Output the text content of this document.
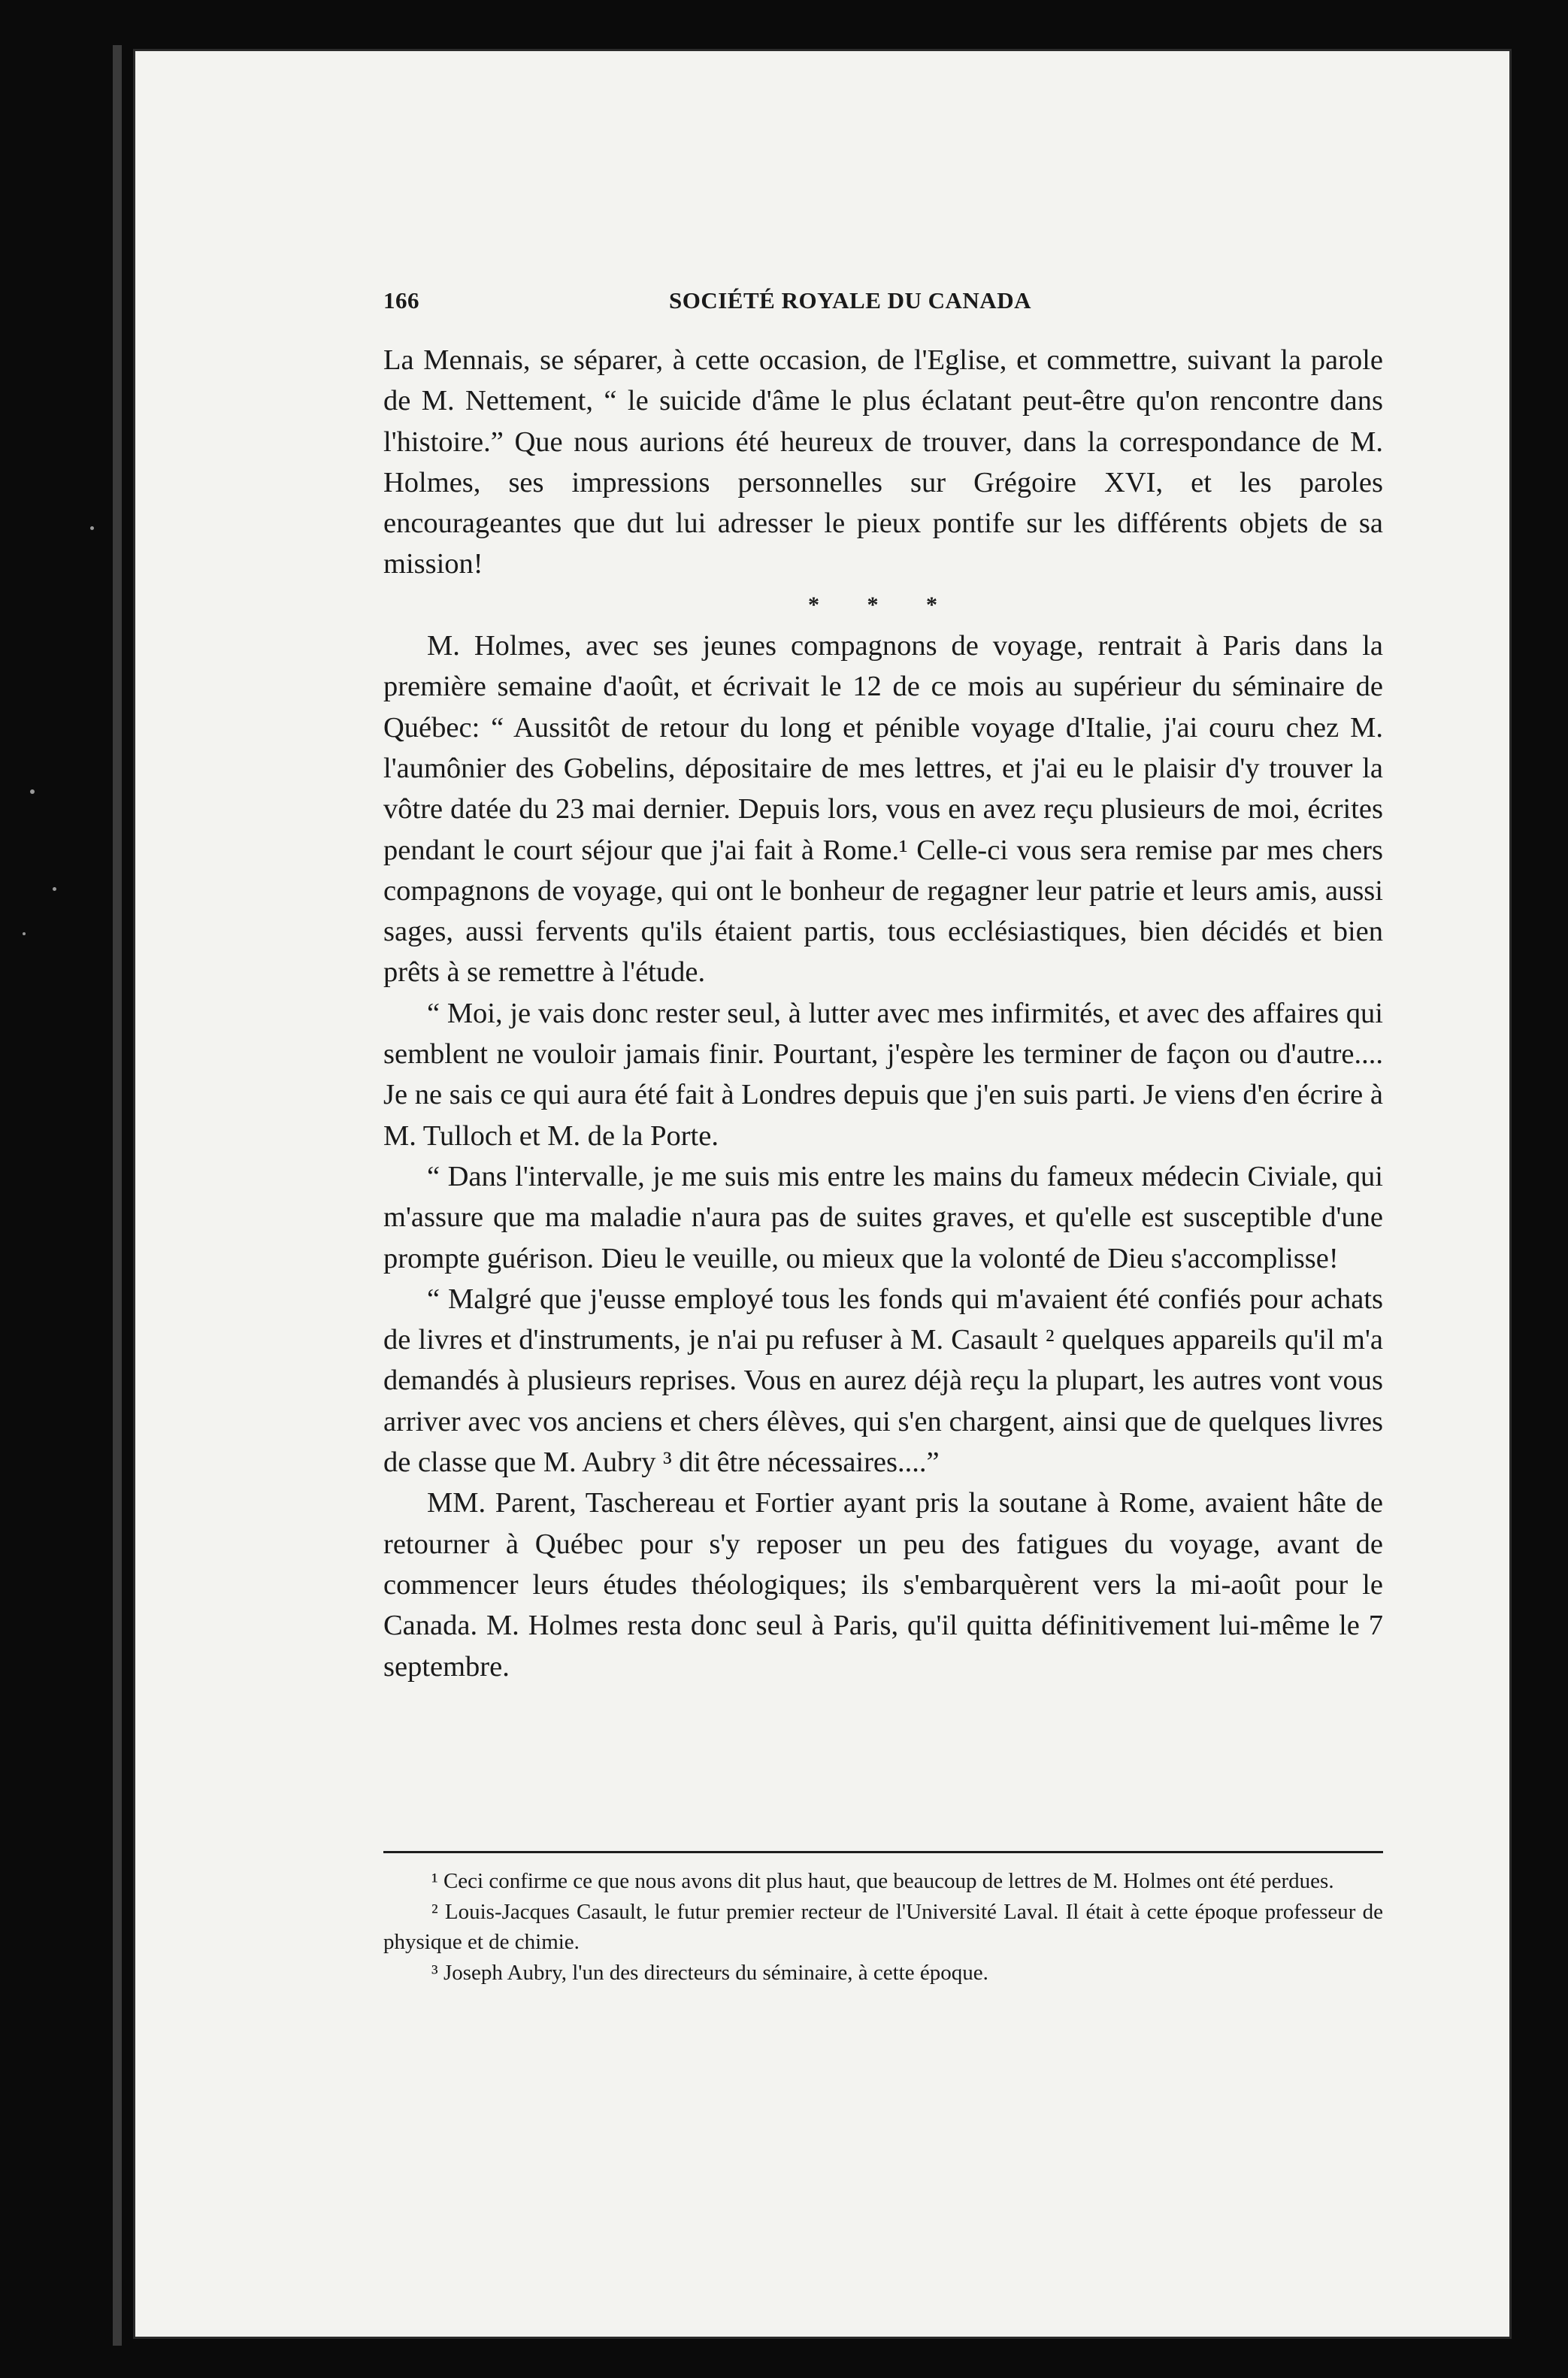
166	SOCIÉTÉ ROYALE DU CANADA

La Mennais, se séparer, à cette occasion, de l'Eglise, et commettre, suivant la parole de M. Nettement, “ le suicide d'âme le plus éclatant peut-être qu'on rencontre dans l'histoire.” Que nous aurions été heureux de trouver, dans la correspondance de M. Holmes, ses impressions personnelles sur Grégoire XVI, et les paroles encourageantes que dut lui adresser le pieux pontife sur les différents objets de sa mission!

* * *

M. Holmes, avec ses jeunes compagnons de voyage, rentrait à Paris dans la première semaine d'août, et écrivait le 12 de ce mois au supérieur du séminaire de Québec: “ Aussitôt de retour du long et pénible voyage d'Italie, j'ai couru chez M. l'aumônier des Gobelins, dépositaire de mes lettres, et j'ai eu le plaisir d'y trouver la vôtre datée du 23 mai dernier. Depuis lors, vous en avez reçu plusieurs de moi, écrites pendant le court séjour que j'ai fait à Rome.¹ Celle-ci vous sera remise par mes chers compagnons de voyage, qui ont le bonheur de regagner leur patrie et leurs amis, aussi sages, aussi fervents qu'ils étaient partis, tous ecclésiastiques, bien décidés et bien prêts à se remettre à l'étude.

“ Moi, je vais donc rester seul, à lutter avec mes infirmités, et avec des affaires qui semblent ne vouloir jamais finir. Pourtant, j'espère les terminer de façon ou d'autre.... Je ne sais ce qui aura été fait à Londres depuis que j'en suis parti. Je viens d'en écrire à M. Tulloch et M. de la Porte.

“ Dans l'intervalle, je me suis mis entre les mains du fameux médecin Civiale, qui m'assure que ma maladie n'aura pas de suites graves, et qu'elle est susceptible d'une prompte guérison. Dieu le veuille, ou mieux que la volonté de Dieu s'accomplisse!

“ Malgré que j'eusse employé tous les fonds qui m'avaient été confiés pour achats de livres et d'instruments, je n'ai pu refuser à M. Casault ² quelques appareils qu'il m'a demandés à plusieurs reprises. Vous en aurez déjà reçu la plupart, les autres vont vous arriver avec vos anciens et chers élèves, qui s'en chargent, ainsi que de quelques livres de classe que M. Aubry ³ dit être nécessaires....”

MM. Parent, Taschereau et Fortier ayant pris la soutane à Rome, avaient hâte de retourner à Québec pour s'y reposer un peu des fatigues du voyage, avant de commencer leurs études théologiques; ils s'embarquèrent vers la mi-août pour le Canada. M. Holmes resta donc seul à Paris, qu'il quitta définitivement lui-même le 7 septembre.

¹ Ceci confirme ce que nous avons dit plus haut, que beaucoup de lettres de M. Holmes ont été perdues.

² Louis-Jacques Casault, le futur premier recteur de l'Université Laval. Il était à cette époque professeur de physique et de chimie.

³ Joseph Aubry, l'un des directeurs du séminaire, à cette époque.
